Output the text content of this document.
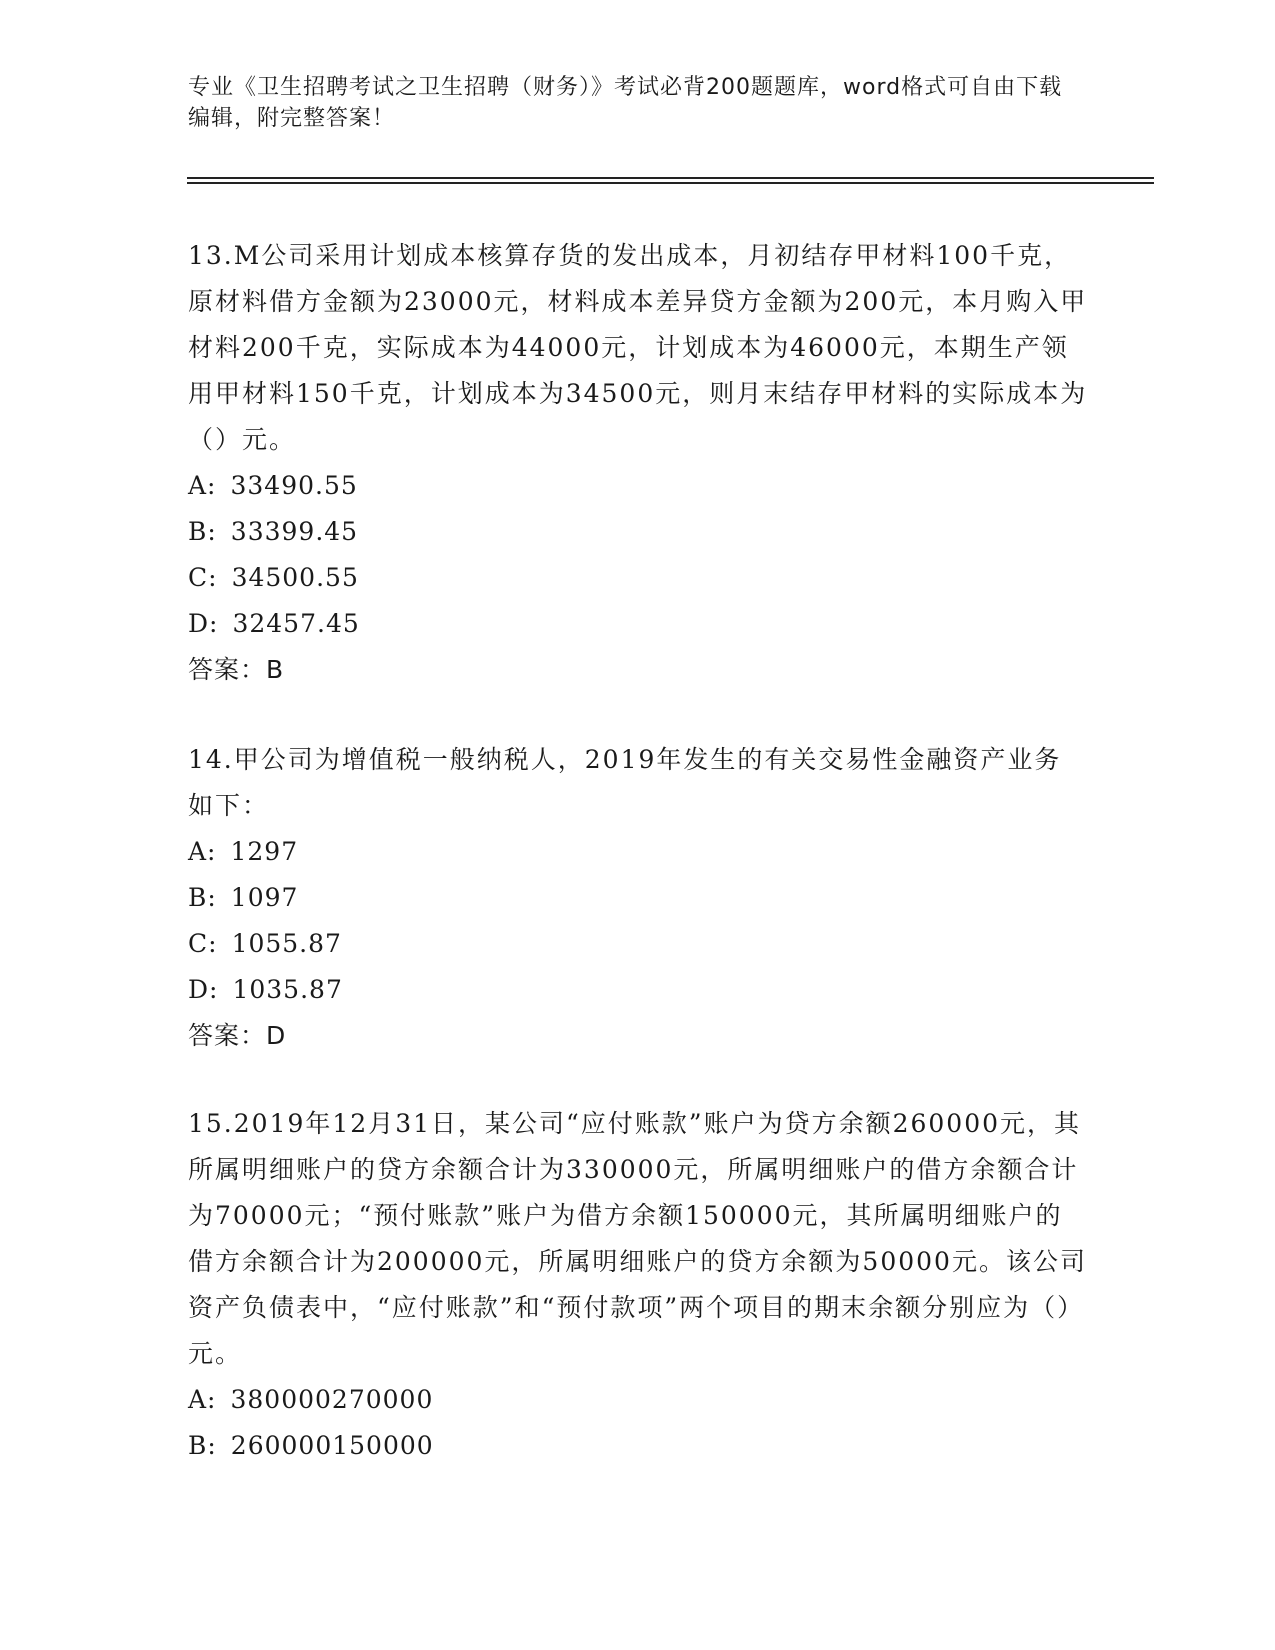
专业《卫生招聘考试之卫生招聘（财务）》考试必背200题题库，word格式可自由下载编辑，附完整答案！

13.M公司采用计划成本核算存货的发出成本，月初结存甲材料100千克，原材料借方金额为23000元，材料成本差异贷方金额为200元，本月购入甲材料200千克，实际成本为44000元，计划成本为46000元，本期生产领用甲材料150千克，计划成本为34500元，则月末结存甲材料的实际成本为（）元。

A: 33490.55

B: 33399.45

C: 34500.55

D: 32457.45

答案：B

14.甲公司为增值税一般纳税人，2019年发生的有关交易性金融资产业务如下：

A: 1297

B: 1097

C: 1055.87

D: 1035.87

答案：D

15.2019年12月31日，某公司“应付账款”账户为贷方余额260000元，其所属明细账户的贷方余额合计为330000元，所属明细账户的借方余额合计为70000元；“预付账款”账户为借方余额150000元，其所属明细账户的借方余额合计为200000元，所属明细账户的贷方余额为50000元。该公司资产负债表中，“应付账款”和“预付款项”两个项目的期末余额分别应为（）元。

A: 380000270000

B: 260000150000
